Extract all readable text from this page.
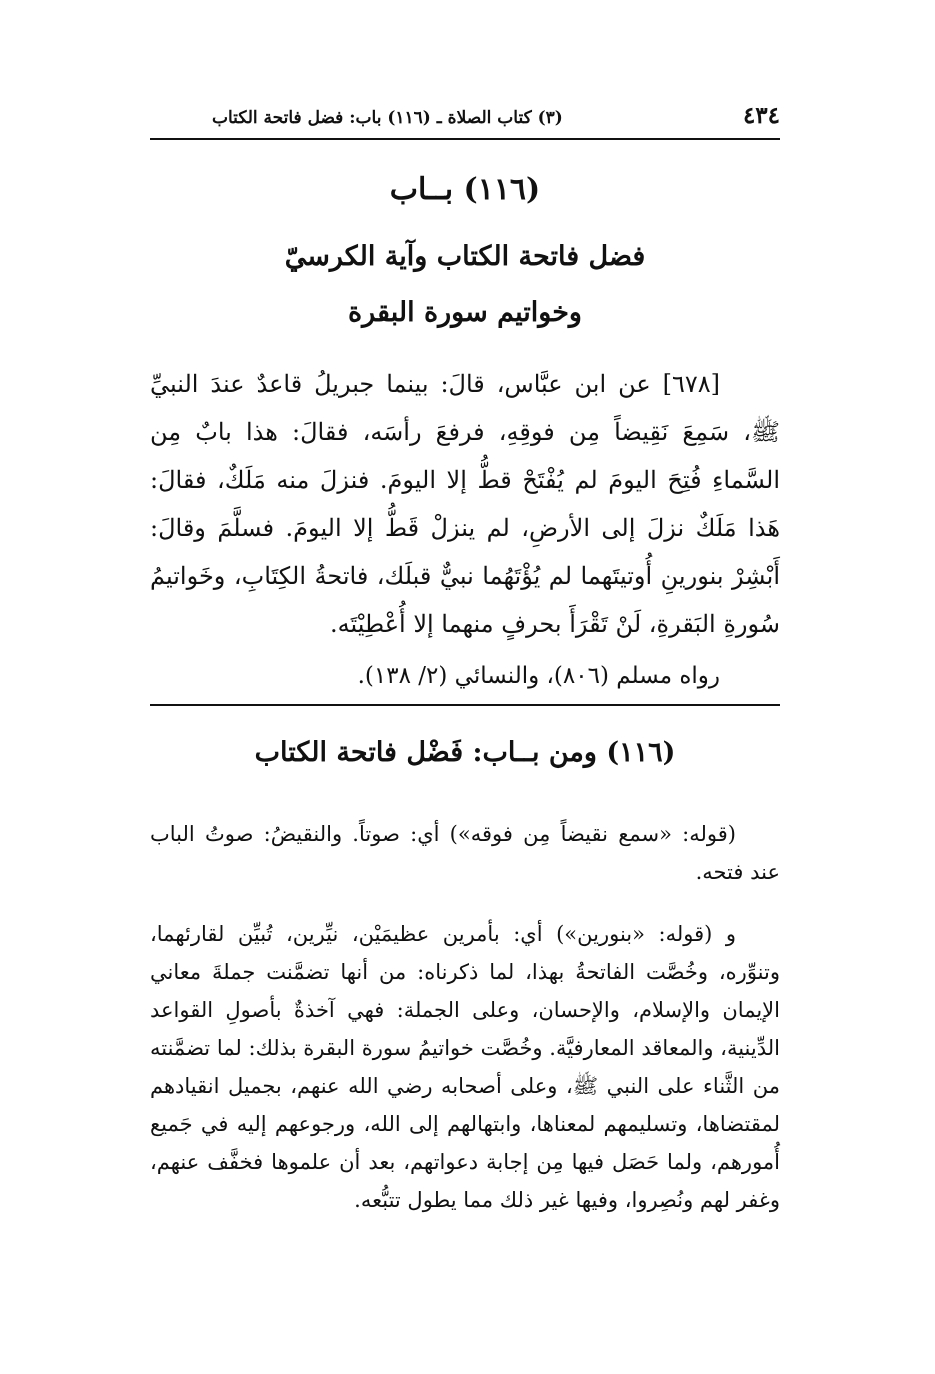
٤٣٤
(٣) كتاب الصلاة ـ (١١٦) باب: فضل فاتحة الكتاب
(١١٦) بــاب
فضل فاتحة الكتاب وآية الكرسيّ
وخواتيم سورة البقرة

[٦٧٨] عن ابن عبَّاس، قالَ: بينما جبريلُ قاعدٌ عندَ النبيِّ ﷺ، سَمِعَ نَقِيضاً مِن فوقِهِ، فرفعَ رأسَه، فقالَ: هذا بابٌ مِن السَّماءِ فُتِحَ اليومَ لم يُفْتَحْ قطُّ إلا اليومَ. فنزلَ منه مَلَكٌ، فقالَ: هَذا مَلَكٌ نزلَ إلى الأرضِ، لم ينزلْ قَطُّ إلا اليومَ. فسلَّمَ وقالَ: أَبْشِرْ بنورينِ أُوتيتَهما لم يُؤْتَهُما نبيٌّ قبلَك، فاتحةُ الكِتَابِ، وخَواتيمُ سُورةِ البَقرةِ، لَنْ تَقْرَأَ بحرفٍ منهما إلا أُعْطِيْتَه.

رواه مسلم (٨٠٦)، والنسائي (٢/ ١٣٨).

(١١٦) ومن بــاب: فَضْل فاتحة الكتاب

(قوله: «سمع نقيضاً مِن فوقه») أي: صوتاً. والنقيضُ: صوتُ الباب عند فتحه.

و (قوله: «بنورين») أي: بأمرين عظيمَيْن، نيِّرين، تُبيِّن لقارئهما، وتنوِّره، وخُصَّت الفاتحةُ بهذا، لما ذكرناه: من أنها تضمَّنت جملةَ معاني الإيمان والإسلام، والإحسان، وعلى الجملة: فهي آخذةٌ بأصولِ القواعد الدِّينية، والمعاقد المعارفيَّة. وخُصَّت خواتيمُ سورة البقرة بذلك: لما تضمَّنته من الثَّناء على النبي ﷺ، وعلى أصحابه رضي الله عنهم، بجميل انقيادهم لمقتضاها، وتسليمهم لمعناها، وابتهالهم إلى الله، ورجوعهم إليه في جَميع أُمورهم، ولما حَصَل فيها مِن إجابة دعواتهم، بعد أن علموها فخفَّف عنهم، وغفر لهم ونُصِروا، وفيها غير ذلك مما يطول تتبُّعه.
